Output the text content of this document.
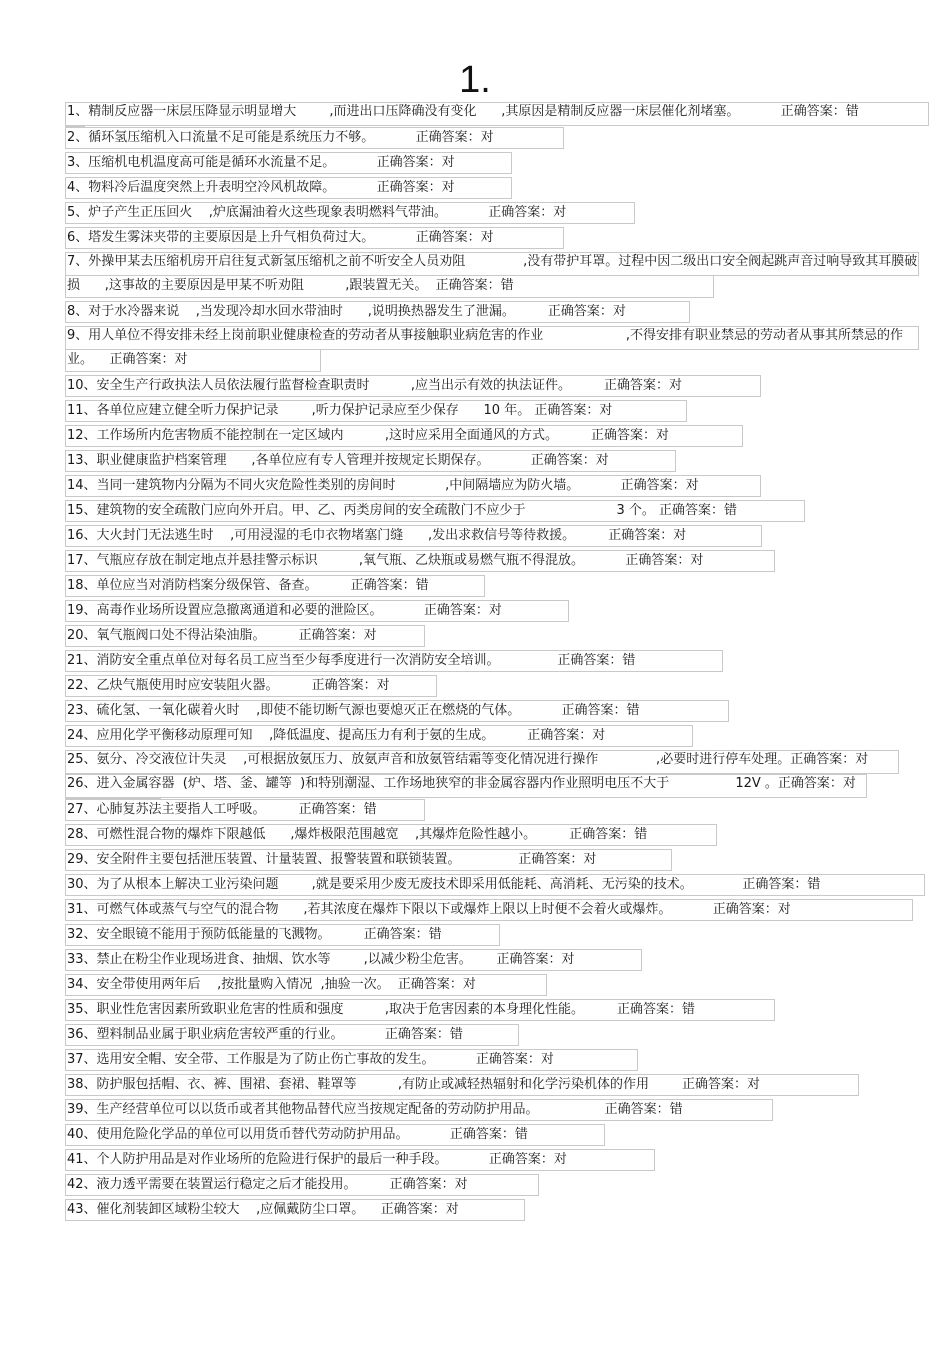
1.
1、精制反应器一床层压降显示明显增大        ,而进出口压降确没有变化      ,其原因是精制反应器一床层催化剂堵塞。          正确答案：错
2、循环氢压缩机入口流量不足可能是系统压力不够。          正确答案：对
3、压缩机电机温度高可能是循环水流量不足。          正确答案：对
4、物料冷后温度突然上升表明空冷风机故障。          正确答案：对
5、炉子产生正压回火    ,炉底漏油着火这些现象表明燃料气带油。          正确答案：对
6、塔发生雾沫夹带的主要原因是上升气相负荷过大。          正确答案：对
7、外操甲某去压缩机房开启往复式新氢压缩机之前不听安全人员劝阻              ,没有带护耳罩。过程中因二级出口安全阀起跳声音过响导致其耳膜破损      ,这事故的主要原因是甲某不听劝阻          ,跟装置无关。  正确答案：错
8、对于水冷器来说    ,当发现冷却水回水带油时      ,说明换热器发生了泄漏。        正确答案：对
9、用人单位不得安排未经上岗前职业健康检查的劳动者从事接触职业病危害的作业                    ,不得安排有职业禁忌的劳动者从事其所禁忌的作业。    正确答案：对
10、安全生产行政执法人员依法履行监督检查职责时          ,应当出示有效的执法证件。        正确答案：对
11、各单位应建立健全听力保护记录        ,听力保护记录应至少保存      10 年。 正确答案：对
12、工作场所内危害物质不能控制在一定区域内          ,这时应采用全面通风的方式。        正确答案：对
13、职业健康监护档案管理      ,各单位应有专人管理并按规定长期保存。          正确答案：对
14、当同一建筑物内分隔为不同火灾危险性类别的房间时            ,中间隔墙应为防火墙。          正确答案：对
15、建筑物的安全疏散门应向外开启。甲、乙、丙类房间的安全疏散门不应少于                      3 个。 正确答案：错
16、大火封门无法逃生时    ,可用浸湿的毛巾衣物堵塞门缝      ,发出求救信号等待救援。        正确答案：对
17、气瓶应存放在制定地点并悬挂警示标识          ,氧气瓶、乙炔瓶或易燃气瓶不得混放。          正确答案：对
18、单位应当对消防档案分级保管、备查。        正确答案：错
19、高毒作业场所设置应急撤离通道和必要的泄险区。          正确答案：对
20、氧气瓶阀口处不得沾染油脂。        正确答案：对
21、消防安全重点单位对每名员工应当至少每季度进行一次消防安全培训。              正确答案：错
22、乙炔气瓶使用时应安装阻火器。        正确答案：对
23、硫化氢、一氧化碳着火时    ,即使不能切断气源也要熄灭正在燃烧的气体。          正确答案：错
24、应用化学平衡移动原理可知    ,降低温度、提高压力有利于氨的生成。        正确答案：对
25、氨分、冷交液位计失灵    ,可根据放氨压力、放氨声音和放氨管结霜等变化情况进行操作              ,必要时进行停车处理。正确答案：对
26、进入金属容器  (炉、塔、釜、罐等  )和特别潮湿、工作场地狭窄的非金属容器内作业照明电压不大于                12V 。正确答案：对
27、心肺复苏法主要指人工呼吸。        正确答案：错
28、可燃性混合物的爆炸下限越低      ,爆炸极限范围越宽    ,其爆炸危险性越小。        正确答案：错
29、安全附件主要包括泄压装置、计量装置、报警装置和联锁装置。              正确答案：对
30、为了从根本上解决工业污染问题        ,就是要采用少废无废技术即采用低能耗、高消耗、无污染的技术。            正确答案：错
31、可燃气体或蒸气与空气的混合物      ,若其浓度在爆炸下限以下或爆炸上限以上时便不会着火或爆炸。          正确答案：对
32、安全眼镜不能用于预防低能量的飞溅物。        正确答案：错
33、禁止在粉尘作业现场进食、抽烟、饮水等        ,以减少粉尘危害。      正确答案：对
34、安全带使用两年后    ,按批量购入情况  ,抽验一次。  正确答案：对
35、职业性危害因素所致职业危害的性质和强度          ,取决于危害因素的本身理化性能。        正确答案：错
36、塑料制品业属于职业病危害较严重的行业。          正确答案：错
37、选用安全帽、安全带、工作服是为了防止伤亡事故的发生。          正确答案：对
38、防护服包括帽、衣、裤、围裙、套裙、鞋罩等          ,有防止或减轻热辐射和化学污染机体的作用        正确答案：对
39、生产经营单位可以以货币或者其他物品替代应当按规定配备的劳动防护用品。                正确答案：错
40、使用危险化学品的单位可以用货币替代劳动防护用品。          正确答案：错
41、个人防护用品是对作业场所的危险进行保护的最后一种手段。          正确答案：对
42、液力透平需要在装置运行稳定之后才能投用。        正确答案：对
43、催化剂装卸区域粉尘较大    ,应佩戴防尘口罩。    正确答案：对
